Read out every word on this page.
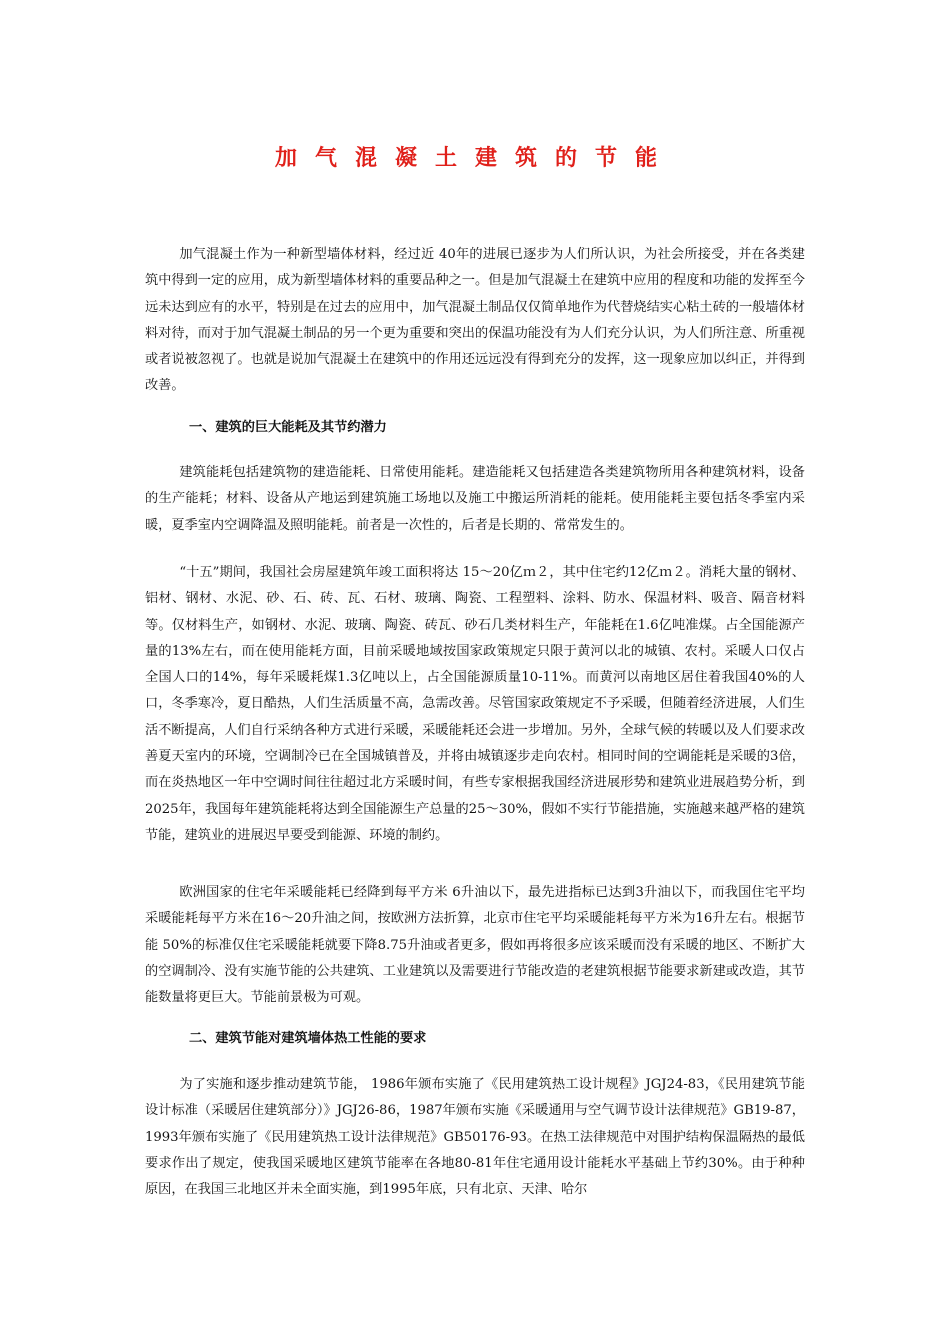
加气混凝土建筑的节能

加气混凝土作为一种新型墙体材料，经过近 40年的进展已逐步为人们所认识，为社会所接受，并在各类建筑中得到一定的应用，成为新型墙体材料的重要品种之一。但是加气混凝土在建筑中应用的程度和功能的发挥至今远未达到应有的水平，特别是在过去的应用中，加气混凝土制品仅仅简单地作为代替烧结实心粘土砖的一般墙体材料对待，而对于加气混凝土制品的另一个更为重要和突出的保温功能没有为人们充分认识，为人们所注意、所重视或者说被忽视了。也就是说加气混凝土在建筑中的作用还远远没有得到充分的发挥，这一现象应加以纠正，并得到改善。

一、建筑的巨大能耗及其节约潜力

建筑能耗包括建筑物的建造能耗、日常使用能耗。建造能耗又包括建造各类建筑物所用各种建筑材料，设备的生产能耗；材料、设备从产地运到建筑施工场地以及施工中搬运所消耗的能耗。使用能耗主要包括冬季室内采暖，夏季室内空调降温及照明能耗。前者是一次性的，后者是长期的、常常发生的。

“十五”期间，我国社会房屋建筑年竣工面积将达 15～20亿ｍ２，其中住宅约12亿ｍ２。消耗大量的钢材、铝材、钢材、水泥、砂、石、砖、瓦、石材、玻璃、陶瓷、工程塑料、涂料、防水、保温材料、吸音、隔音材料等。仅材料生产，如钢材、水泥、玻璃、陶瓷、砖瓦、砂石几类材料生产，年能耗在1.6亿吨准煤。占全国能源产量的13%左右，而在使用能耗方面，目前采暖地域按国家政策规定只限于黄河以北的城镇、农村。采暖人口仅占全国人口的14%，每年采暖耗煤1.3亿吨以上，占全国能源质量10-11%。而黄河以南地区居住着我国40%的人口，冬季寒冷，夏日酷热，人们生活质量不高，急需改善。尽管国家政策规定不予采暖，但随着经济进展，人们生活不断提高，人们自行采纳各种方式进行采暖，采暖能耗还会进一步增加。另外，全球气候的转暖以及人们要求改善夏天室内的环境，空调制冷已在全国城镇普及，并将由城镇逐步走向农村。相同时间的空调能耗是采暖的3倍，而在炎热地区一年中空调时间往往超过北方采暖时间，有些专家根据我国经济进展形势和建筑业进展趋势分析，到2025年，我国每年建筑能耗将达到全国能源生产总量的25～30%，假如不实行节能措施，实施越来越严格的建筑节能，建筑业的进展迟早要受到能源、环境的制约。

欧洲国家的住宅年采暖能耗已经降到每平方米 6升油以下，最先进指标已达到3升油以下，而我国住宅平均采暖能耗每平方米在16～20升油之间，按欧洲方法折算，北京市住宅平均采暖能耗每平方米为16升左右。根据节能 50%的标准仅住宅采暖能耗就要下降8.75升油或者更多，假如再将很多应该采暖而没有采暖的地区、不断扩大的空调制冷、没有实施节能的公共建筑、工业建筑以及需要进行节能改造的老建筑根据节能要求新建或改造，其节能数量将更巨大。节能前景极为可观。

二、建筑节能对建筑墙体热工性能的要求

为了实施和逐步推动建筑节能， 1986年颁布实施了《民用建筑热工设计规程》JGJ24-83，《民用建筑节能设计标准（采暖居住建筑部分）》JGJ26-86，1987年颁布实施《采暖通用与空气调节设计法律规范》GB19-87，1993年颁布实施了《民用建筑热工设计法律规范》GB50176-93。在热工法律规范中对围护结构保温隔热的最低要求作出了规定，使我国采暖地区建筑节能率在各地80-81年住宅通用设计能耗水平基础上节约30%。由于种种原因，在我国三北地区并未全面实施，到1995年底，只有北京、天津、哈尔
